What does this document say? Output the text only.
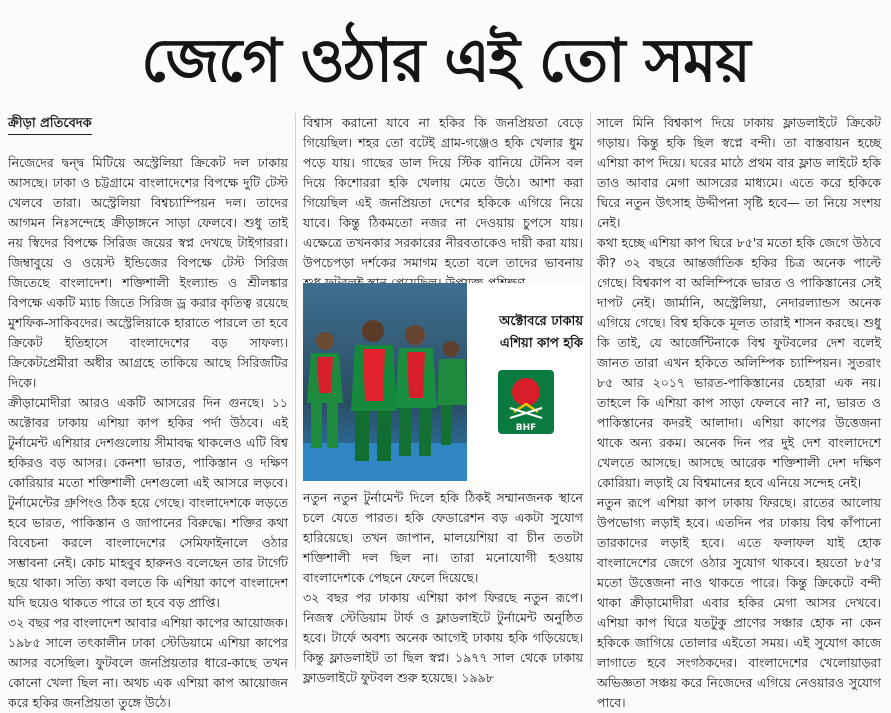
জেগে ওঠার এই তো সময়
ক্রীড়া প্রতিবেদক

নিজেদের দ্বন্দ্ব মিটিয়ে অস্ট্রেলিয়া ক্রিকেট দল ঢাকায় আসছে। ঢাকা ও চট্টগ্রামে বাংলাদেশের বিপক্ষে দুটি টেস্ট খেলবে তারা। অস্ট্রেলিয়া বিশ্বচ্যাম্পিয়ন দল। তাদের আগমন নিঃসন্দেহে ক্রীড়াঙ্গনে সাড়া ফেলবে। শুধু তাই নয় স্বিদের বিপক্ষে সিরিজ জয়ের স্বপ্ন দেখছে টাইগাররা। জিম্বাবুয়ে ও ওয়েস্ট ইন্ডিজের বিপক্ষে টেস্ট সিরিজ জিতেছে বাংলাদেশ। শক্তিশালী ইংল্যান্ড ও শ্রীলঙ্কার বিপক্ষে একটি ম্যাচ জিতে সিরিজ ড্র করার কৃতিত্ব রয়েছে মুশফিক-সাকিবদের। অস্ট্রেলিয়াকে হারাতে পারলে তা হবে ক্রিকেট ইতিহাসে বাংলাদেশের বড় সাফল্য। ক্রিকেটপ্রেমীরা অধীর আগ্রহে তাকিয়ে আছে সিরিজটির দিকে।

ক্রীড়ামোদীরা আরও একটি আসরের দিন গুনছে। ১১ অক্টোবর ঢাকায় এশিয়া কাপ হকির পর্দা উঠবে। এই টুর্নামেন্ট এশিয়ার দেশগুলোয় সীমাবদ্ধ থাকলেও এটি বিশ্ব হকিরও বড় আসর। কেনশা ভারত, পাকিস্তান ও দক্ষিণ কোরিয়ার মতো শক্তিশালী দেশগুলো এই আসরে লড়বে। টুর্নামেন্টের গ্রুপিংও ঠিক হয়ে গেছে। বাংলাদেশকে লড়তে হবে ভারত, পাকিস্তান ও জাপানের বিরুদ্ধে। শক্তির কথা বিবেচনা করলে বাংলাদেশের সেমিফাইনালে ওঠার সম্ভাবনা নেই। কোচ মাহবুব হারুনও বলেছেন তার টার্গেট ছয়ে থাকা। সত্যি কথা বলতে কি এশিয়া কাপে বাংলাদেশ যদি ছয়েও থাকতে পারে তা হবে বড় প্রাপ্তি।

৩২ বছর পর বাংলাদেশ আবার এশিয়া কাপের আয়োজক। ১৯৮৫ সালে তৎকালীন ঢাকা স্টেডিয়ামে এশিয়া কাপের আসর বসেছিল। ফুটবলে জনপ্রিয়তার ধারে-কাছে তখন কোনো খেলা ছিল না। অথচ এক এশিয়া কাপ আয়োজন করে হকির জনপ্রিয়তা তুঙ্গে উঠে।

বিশ্বাস করানো যাবে না হকির কি জনপ্রিয়তা বেড়ে গিয়েছিল। শহর তো বটেই গ্রাম-গঞ্জেও হকি খেলার ধুম পড়ে যায়। গাছের ডাল দিয়ে স্টিক বানিয়ে টেনিস বল দিয়ে কিশোররা হকি খেলায় মেতে উঠে। আশা করা গিয়েছিল এই জনপ্রিয়তা দেশের হকিকে এগিয়ে নিয়ে যাবে। কিন্তু ঠিকমতো নজর না দেওয়ায় চুপসে যায়। এক্ষেত্রে তখনকার সরকারের নীরবতাকেও দায়ী করা যায়। উপচেপড়া দর্শকের সমাগম হতো বলে তাদের ভাবনায়

অক্টোবরে ঢাকায়
এশিয়া কাপ হকি
BHF

নতুন নতুন টুর্নামেন্ট দিলে হকি ঠিকই সম্মানজনক স্থানে চলে যেতে পারত। হকি ফেডারেশন বড় একটা সুযোগ হারিয়েছে। তখন জাপান, মালয়েশিয়া বা চীন ততটা শক্তিশালী দল ছিল না। তারা মনোযোগী হওয়ায় বাংলাদেশকে পেছনে ফেলে দিয়েছে।

৩২ বছর পর ঢাকায় এশিয়া কাপ ফিরছে নতুন রূপে। নিজস্ব স্টেডিয়াম টার্ফ ও ফ্লাডলাইটে টুর্নামেন্ট অনুষ্ঠিত হবে। টার্ফে অবশ্য অনেক আগেই ঢাকায় হকি গড়িয়েছে। কিন্তু ফ্লাডলাইট তা ছিল স্বপ্ন। ১৯৭৭ সাল থেকে ঢাকায় ফ্লাডলাইটে ফুটবল শুরু হয়েছে। ১৯৯৮

সালে মিনি বিশ্বকাপ দিয়ে ঢাকায় ফ্লাডলাইটে ক্রিকেট গড়ায়। কিন্তু হকি ছিল স্বপ্নে বন্দী। তা বাস্তবায়ন হচ্ছে এশিয়া কাপ দিয়ে। ঘরের মাঠে প্রথম বার ফ্লাড লাইটে হকি তাও আবার মেগা আসরের মাধ্যমে। এতে করে হকিকে ঘিরে নতুন উৎসাহ উদ্দীপনা সৃষ্টি হবে— তা নিয়ে সংশয় নেই।

কথা হচ্ছে এশিয়া কাপ ঘিরে ৮৫'র মতো হকি জেগে উঠবে কী? ৩২ বছরে আন্তর্জাতিক হকির চিত্র অনেক পাল্টে গেছে। বিশ্বকাপ বা অলিম্পিকে ভারত ও পাকিস্তানের সেই দাপট নেই। জার্মানি, অস্ট্রেলিয়া, নেদারল্যান্ডস অনেক এগিয়ে গেছে। বিশ্ব হকিকে মূলত তারাই শাসন করছে। শুধু কি তাই, যে আর্জেন্টিনাকে বিশ্ব ফুটবলের দেশ বলেই জানত তারা এখন হকিতে অলিম্পিক চ্যাম্পিয়ন। সুতরাং ৮৫ আর ২০১৭ ভারত-পাকিস্তানের চেহারা এক নয়। তাহলে কি এশিয়া কাপ সাড়া ফেলবে না? না, ভারত ও পাকিস্তানের কদরই আলাদা। এশিয়া কাপের উত্তেজনা থাকে অন্য রকম। অনেক দিন পর দুই দেশ বাংলাদেশে খেলতে আসছে। আসছে আরেক শক্তিশালী দেশ দক্ষিণ কোরিয়া। লড়াই যে বিশ্বমানের হবে এনিয়ে সন্দেহ নেই।

নতুন রূপে এশিয়া কাপ ঢাকায় ফিরছে। রাতের আলোয় উপভোগ্য লড়াই হবে। এতদিন পর ঢাকায় বিশ্ব কাঁপানো তারকাদের লড়াই হবে। এতে ফলাফল যাই হোক বাংলাদেশের জেগে ওঠার সুযোগ থাকবে। হয়তো ৮৫'র মতো উত্তেজনা নাও থাকতে পারে। কিন্তু ক্রিকেটে বন্দী থাকা ক্রীড়ামোদীরা এবার হকির মেগা আসর দেখবে। এশিয়া কাপ ঘিরে যতটুকু প্রাণের সঞ্চার হোক না কেন হকিকে জাগিয়ে তোলার এইতো সময়। এই সুযোগ কাজে লাগাতে হবে সংগঠকদের। বাংলাদেশের খেলোয়াড়রা অভিজ্ঞতা সঞ্চয় করে নিজেদের এগিয়ে নেওয়ারও সুযোগ পাবে।
